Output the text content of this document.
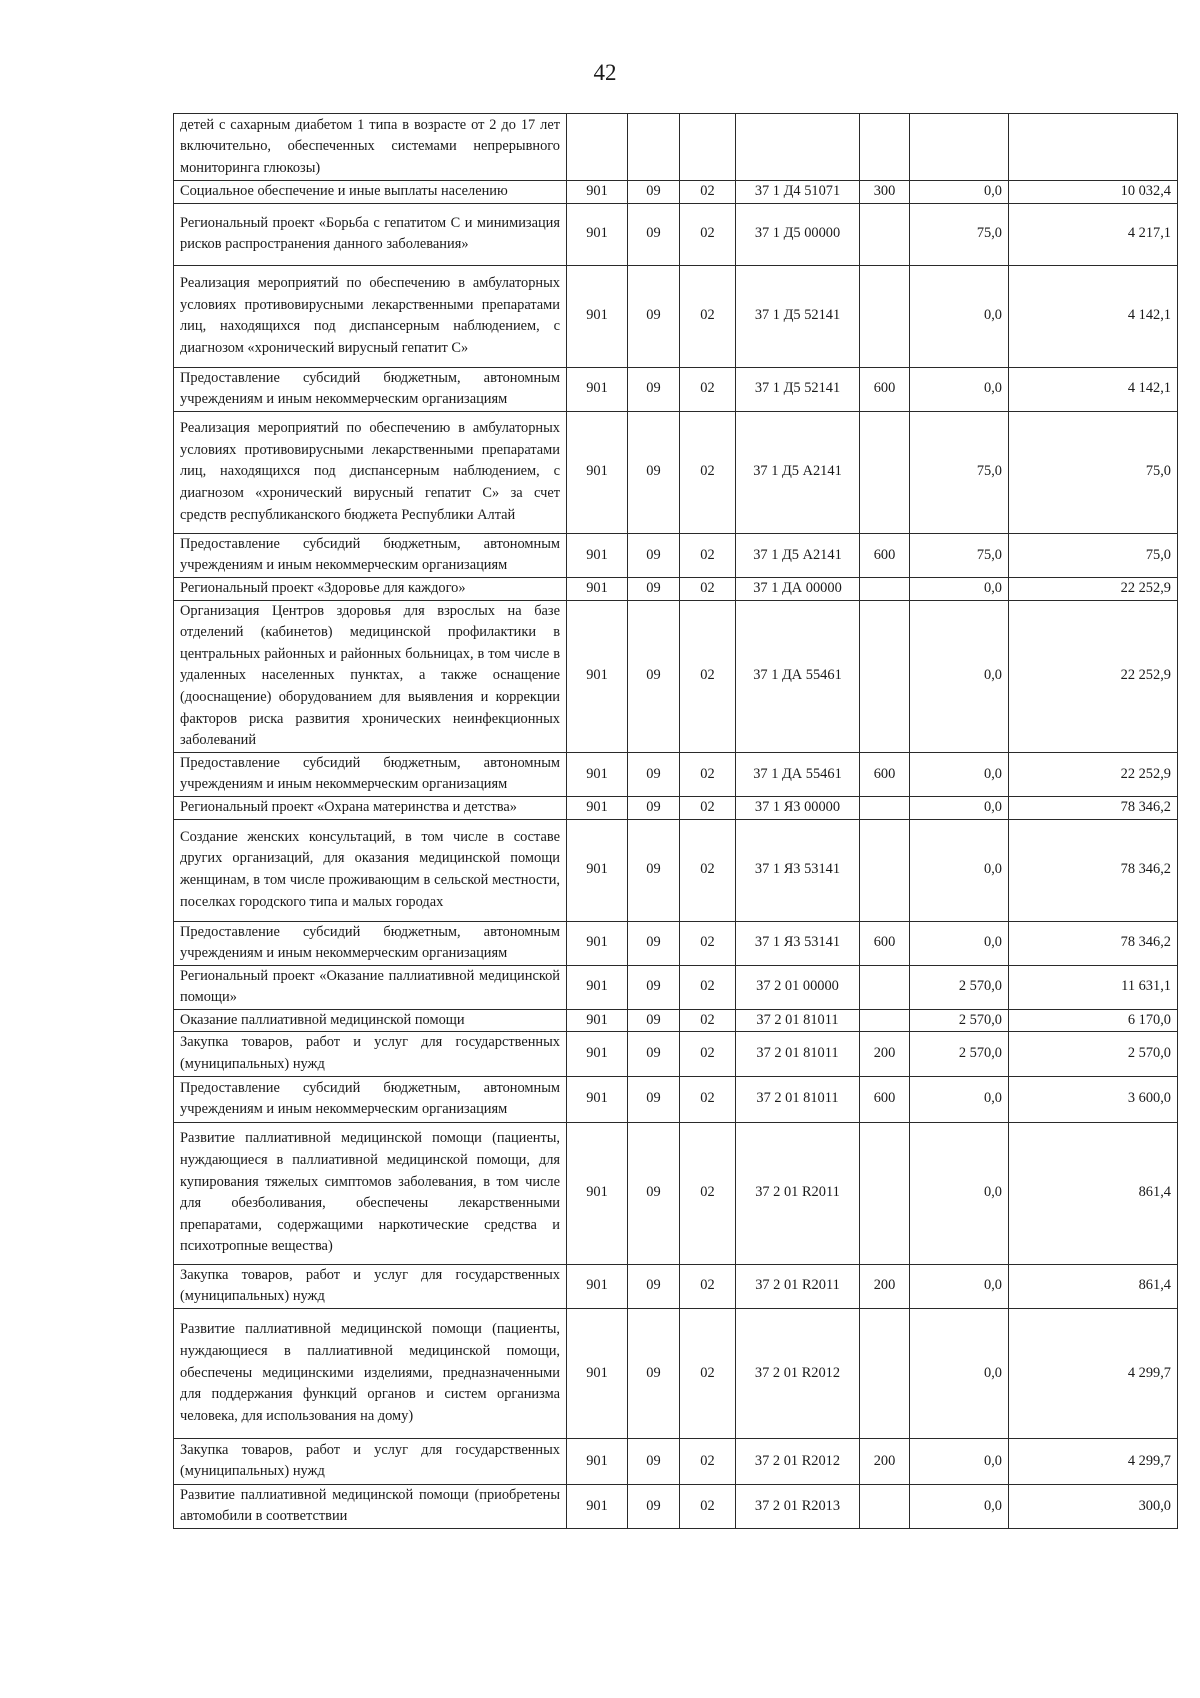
42
детей с сахарным диабетом 1 типа в возрасте от 2 до 17 лет включительно, обеспеченных системами непрерывного мониторинга глюкозы)							
Социальное обеспечение и иные выплаты населению	901	09	02	37 1 Д4 51071	300	0,0	10 032,4
Региональный проект «Борьба с гепатитом С и минимизация рисков распространения данного заболевания»	901	09	02	37 1 Д5 00000		75,0	4 217,1
Реализация мероприятий по обеспечению в амбулаторных условиях противовирусными лекарственными препаратами лиц, находящихся под диспансерным наблюдением, с диагнозом «хронический вирусный гепатит С»	901	09	02	37 1 Д5 52141		0,0	4 142,1
Предоставление субсидий бюджетным, автономным учреждениям и иным некоммерческим организациям	901	09	02	37 1 Д5 52141	600	0,0	4 142,1
Реализация мероприятий по обеспечению в амбулаторных условиях противовирусными лекарственными препаратами лиц, находящихся под диспансерным наблюдением, с диагнозом «хронический вирусный гепатит С» за счет средств республиканского бюджета Республики Алтай	901	09	02	37 1 Д5 А2141		75,0	75,0
Предоставление субсидий бюджетным, автономным учреждениям и иным некоммерческим организациям	901	09	02	37 1 Д5 А2141	600	75,0	75,0
Региональный проект «Здоровье для каждого»	901	09	02	37 1 ДА 00000		0,0	22 252,9
Организация Центров здоровья для взрослых на базе отделений (кабинетов) медицинской профилактики в центральных районных и районных больницах, в том числе в удаленных населенных пунктах, а также оснащение (дооснащение) оборудованием для выявления и коррекции факторов риска развития хронических неинфекционных заболеваний	901	09	02	37 1 ДА 55461		0,0	22 252,9
Предоставление субсидий бюджетным, автономным учреждениям и иным некоммерческим организациям	901	09	02	37 1 ДА 55461	600	0,0	22 252,9
Региональный проект «Охрана материнства и детства»	901	09	02	37 1 Я3 00000		0,0	78 346,2
Создание женских консультаций, в том числе в составе других организаций, для оказания медицинской помощи женщинам, в том числе проживающим в сельской местности, поселках городского типа и малых городах	901	09	02	37 1 Я3 53141		0,0	78 346,2
Предоставление субсидий бюджетным, автономным учреждениям и иным некоммерческим организациям	901	09	02	37 1 Я3 53141	600	0,0	78 346,2
Региональный проект «Оказание паллиативной медицинской помощи»	901	09	02	37 2 01 00000		2 570,0	11 631,1
Оказание паллиативной медицинской помощи	901	09	02	37 2 01 81011		2 570,0	6 170,0
Закупка товаров, работ и услуг для государственных (муниципальных) нужд	901	09	02	37 2 01 81011	200	2 570,0	2 570,0
Предоставление субсидий бюджетным, автономным учреждениям и иным некоммерческим организациям	901	09	02	37 2 01 81011	600	0,0	3 600,0
Развитие паллиативной медицинской помощи (пациенты, нуждающиеся в паллиативной медицинской помощи, для купирования тяжелых симптомов заболевания, в том числе для обезболивания, обеспечены лекарственными препаратами, содержащими наркотические средства и психотропные вещества)	901	09	02	37 2 01 R2011		0,0	861,4
Закупка товаров, работ и услуг для государственных (муниципальных) нужд	901	09	02	37 2 01 R2011	200	0,0	861,4
Развитие паллиативной медицинской помощи (пациенты, нуждающиеся в паллиативной медицинской помощи, обеспечены медицинскими изделиями, предназначенными для поддержания функций органов и систем организма человека, для использования на дому)	901	09	02	37 2 01 R2012		0,0	4 299,7
Закупка товаров, работ и услуг для государственных (муниципальных) нужд	901	09	02	37 2 01 R2012	200	0,0	4 299,7
Развитие паллиативной медицинской помощи (приобретены автомобили в соответствии	901	09	02	37 2 01 R2013		0,0	300,0
